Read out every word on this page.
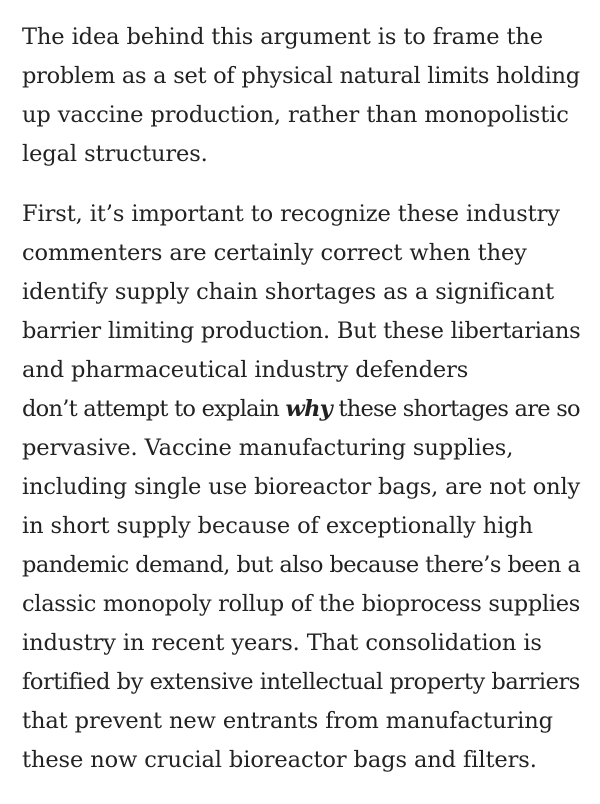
The idea behind this argument is to frame the
problem as a set of physical natural limits holding
up vaccine production, rather than monopolistic
legal structures.

First, it’s important to recognize these industry
commenters are certainly correct when they
identify supply chain shortages as a significant
barrier limiting production. But these libertarians
and pharmaceutical industry defenders
don’t attempt to explain why these shortages are so
pervasive. Vaccine manufacturing supplies,
including single use bioreactor bags, are not only
in short supply because of exceptionally high
pandemic demand, but also because there’s been a
classic monopoly rollup of the bioprocess supplies
industry in recent years. That consolidation is
fortified by extensive intellectual property barriers
that prevent new entrants from manufacturing
these now crucial bioreactor bags and filters.
